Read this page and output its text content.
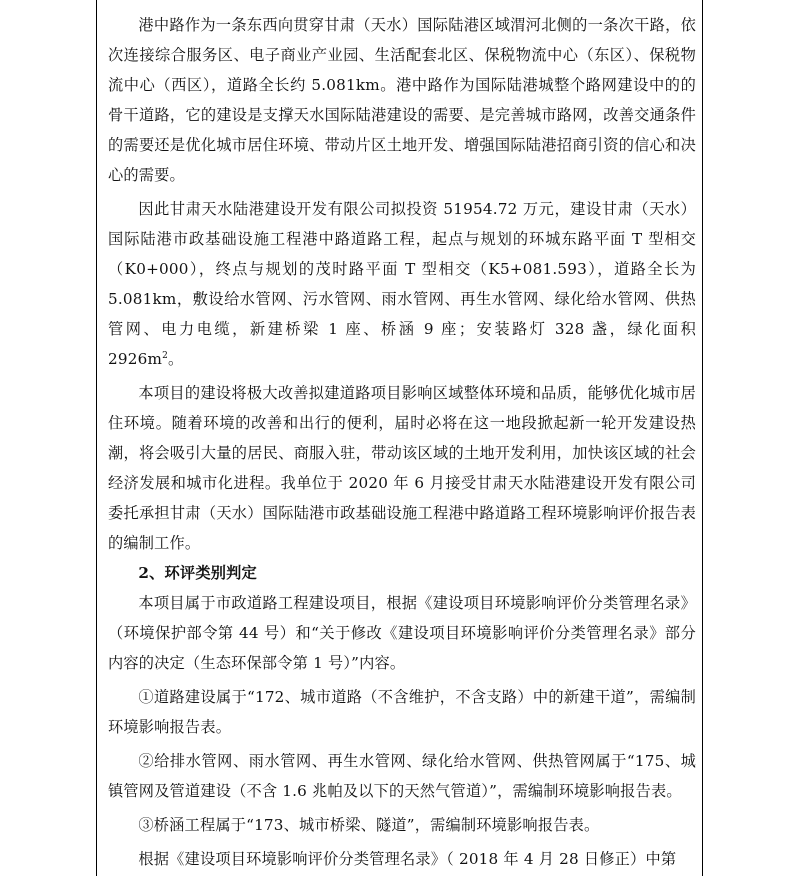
港中路作为一条东西向贯穿甘肃（天水）国际陆港区域渭河北侧的一条次干路，依次连接综合服务区、电子商业产业园、生活配套北区、保税物流中心（东区）、保税物流中心（西区），道路全长约 5.081km。港中路作为国际陆港城整个路网建设中的的骨干道路，它的建设是支撑天水国际陆港建设的需要、是完善城市路网，改善交通条件的需要还是优化城市居住环境、带动片区土地开发、增强国际陆港招商引资的信心和决心的需要。

因此甘肃天水陆港建设开发有限公司拟投资 51954.72 万元，建设甘肃（天水）国际陆港市政基础设施工程港中路道路工程，起点与规划的环城东路平面 T 型相交（K0+000），终点与规划的茂时路平面 T 型相交（K5+081.593），道路全长为 5.081km，敷设给水管网、污水管网、雨水管网、再生水管网、绿化给水管网、供热管网、电力电缆，新建桥梁 1 座、桥涵 9 座；安装路灯 328 盏，绿化面积 $2926m^2$。

本项目的建设将极大改善拟建道路项目影响区域整体环境和品质，能够优化城市居住环境。随着环境的改善和出行的便利，届时必将在这一地段掀起新一轮开发建设热潮，将会吸引大量的居民、商服入驻，带动该区域的土地开发利用，加快该区域的社会经济发展和城市化进程。我单位于 2020 年 6 月接受甘肃天水陆港建设开发有限公司委托承担甘肃（天水）国际陆港市政基础设施工程港中路道路工程环境影响评价报告表的编制工作。

2、环评类别判定

本项目属于市政道路工程建设项目，根据《建设项目环境影响评价分类管理名录》（环境保护部令第 44 号）和“关于修改《建设项目环境影响评价分类管理名录》部分内容的决定（生态环保部令第 1 号）”内容。

①道路建设属于“172、城市道路（不含维护，不含支路）中的新建干道”，需编制环境影响报告表。

②给排水管网、雨水管网、再生水管网、绿化给水管网、供热管网属于“175、城镇管网及管道建设（不含 1.6 兆帕及以下的天然气管道）”，需编制环境影响报告表。

③桥涵工程属于“173、城市桥梁、隧道”，需编制环境影响报告表。

根据《建设项目环境影响评价分类管理名录》（ 2018 年 4 月 28 日修正）中第
